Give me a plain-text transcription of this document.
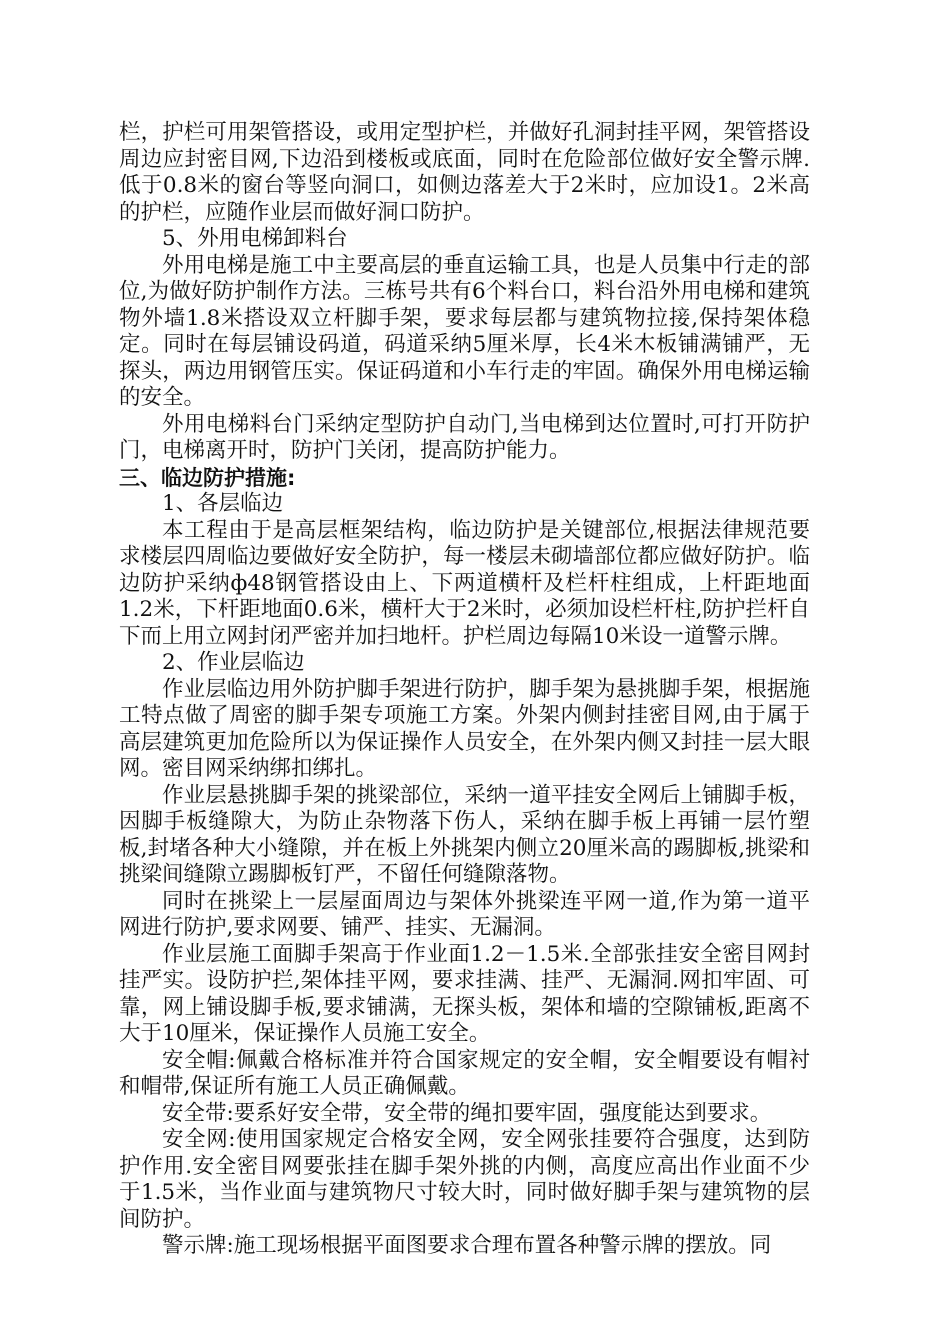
栏，护栏可用架管搭设，或用定型护栏，并做好孔洞封挂平网，架管搭设周边应封密目网,下边沿到楼板或底面，同时在危险部位做好安全警示牌.低于0.8米的窗台等竖向洞口，如侧边落差大于2米时，应加设1。2米高的护栏，应随作业层而做好洞口防护。

5、外用电梯卸料台

外用电梯是施工中主要高层的垂直运输工具，也是人员集中行走的部位,为做好防护制作方法。三栋号共有6个料台口，料台沿外用电梯和建筑物外墙1.8米搭设双立杆脚手架，要求每层都与建筑物拉接,保持架体稳定。同时在每层铺设码道，码道采纳5厘米厚，长4米木板铺满铺严，无探头，两边用钢管压实。保证码道和小车行走的牢固。确保外用电梯运输的安全。

外用电梯料台门采纳定型防护自动门,当电梯到达位置时,可打开防护门，电梯离开时，防护门关闭，提高防护能力。

三、临边防护措施:

1、各层临边

本工程由于是高层框架结构，临边防护是关键部位,根据法律规范要求楼层四周临边要做好安全防护，每一楼层未砌墙部位都应做好防护。临边防护采纳ф48钢管搭设由上、下两道横杆及栏杆柱组成，上杆距地面1.2米，下杆距地面0.6米，横杆大于2米时，必须加设栏杆柱,防护拦杆自下而上用立网封闭严密并加扫地杆。护栏周边每隔10米设一道警示牌。

2、作业层临边

作业层临边用外防护脚手架进行防护，脚手架为悬挑脚手架，根据施工特点做了周密的脚手架专项施工方案。外架内侧封挂密目网,由于属于高层建筑更加危险所以为保证操作人员安全，在外架内侧又封挂一层大眼网。密目网采纳绑扣绑扎。

作业层悬挑脚手架的挑梁部位，采纳一道平挂安全网后上铺脚手板，因脚手板缝隙大，为防止杂物落下伤人，采纳在脚手板上再铺一层竹塑板,封堵各种大小缝隙，并在板上外挑架内侧立20厘米高的踢脚板,挑梁和挑梁间缝隙立踢脚板钉严，不留任何缝隙落物。

同时在挑梁上一层屋面周边与架体外挑梁连平网一道,作为第一道平网进行防护,要求网要、铺严、挂实、无漏洞。

作业层施工面脚手架高于作业面1.2－1.5米.全部张挂安全密目网封挂严实。设防护拦,架体挂平网，要求挂满、挂严、无漏洞.网扣牢固、可靠，网上铺设脚手板,要求铺满，无探头板，架体和墙的空隙铺板,距离不大于10厘米，保证操作人员施工安全。

安全帽:佩戴合格标准并符合国家规定的安全帽，安全帽要设有帽衬和帽带,保证所有施工人员正确佩戴。

安全带:要系好安全带，安全带的绳扣要牢固，强度能达到要求。

安全网:使用国家规定合格安全网，安全网张挂要符合强度，达到防护作用.安全密目网要张挂在脚手架外挑的内侧，高度应高出作业面不少于1.5米，当作业面与建筑物尺寸较大时，同时做好脚手架与建筑物的层间防护。

警示牌:施工现场根据平面图要求合理布置各种警示牌的摆放。同
